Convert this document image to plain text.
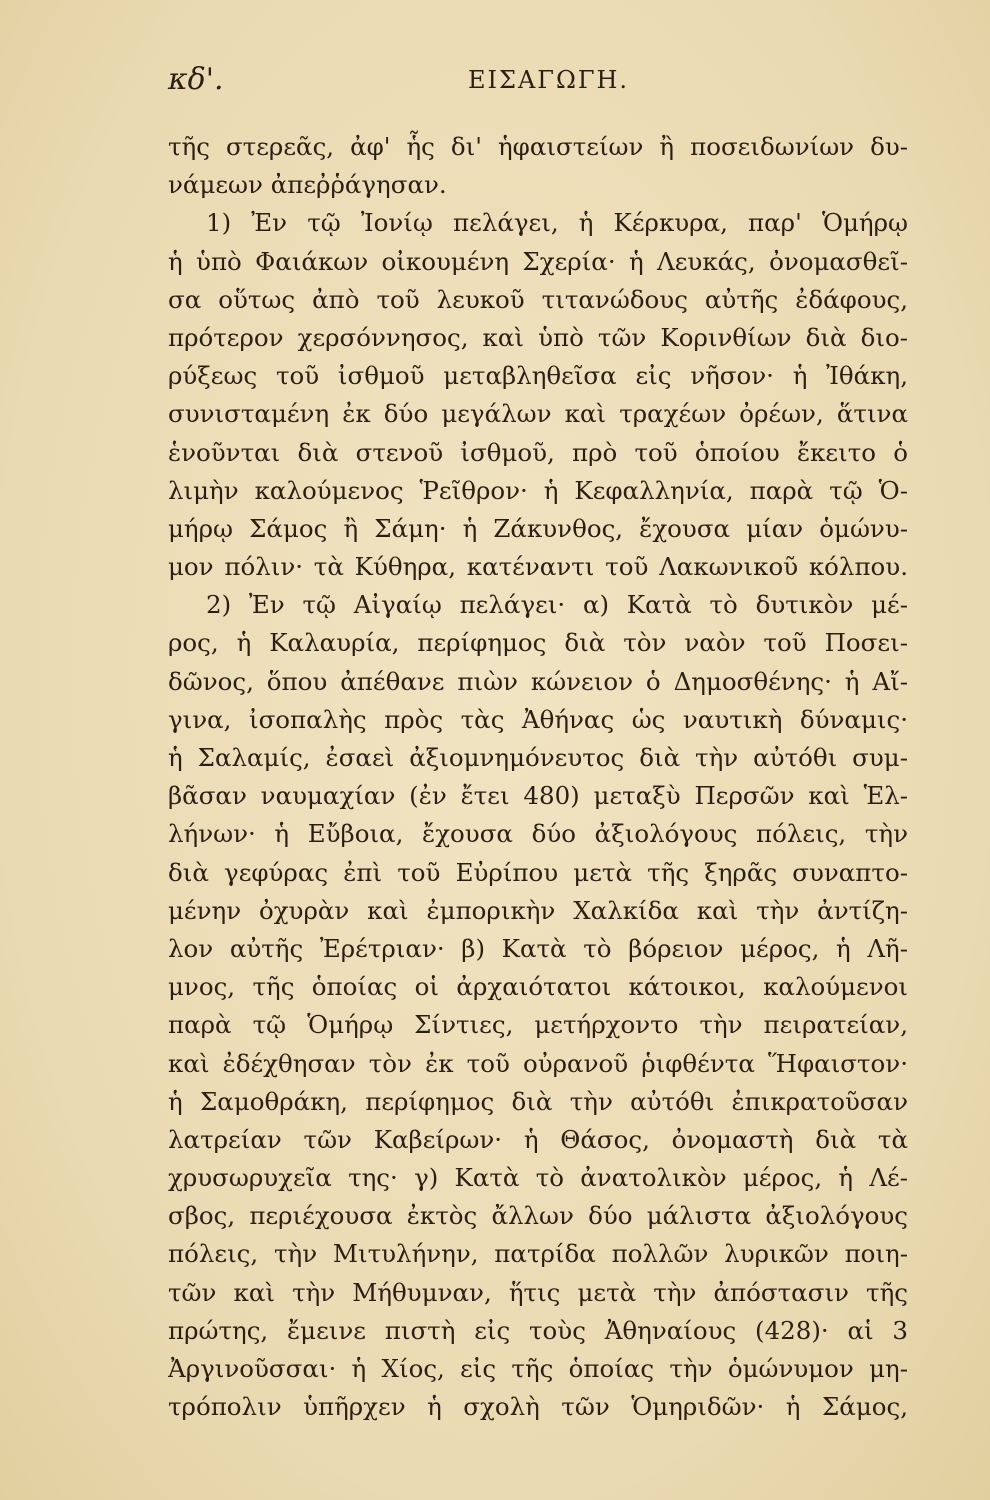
κδ'.	ΕΙΣΑΓΩΓΗ.
τῆς στερεᾶς, ἀφ' ἧς δι' ἡφαιστείων ἢ ποσειδωνίων δυ-
νάμεων ἀπεῤῥάγησαν.
1) Ἐν τῷ Ἰονίῳ πελάγει, ἡ Κέρκυρα, παρ' Ὁμήρῳ
ἡ ὑπὸ Φαιάκων οἰκουμένη Σχερία· ἡ Λευκάς, ὀνομασθεῖ-
σα οὕτως ἀπὸ τοῦ λευκοῦ τιτανώδους αὐτῆς ἐδάφους,
πρότερον χερσόννησος, καὶ ὑπὸ τῶν Κορινθίων διὰ διο-
ρύξεως τοῦ ἰσθμοῦ μεταβληθεῖσα εἰς νῆσον· ἡ Ἰθάκη,
συνισταμένη ἐκ δύο μεγάλων καὶ τραχέων ὀρέων, ἅτινα
ἑνοῦνται διὰ στενοῦ ἰσθμοῦ, πρὸ τοῦ ὁποίου ἔκειτο ὁ
λιμὴν καλούμενος Ῥεῖθρον· ἡ Κεφαλληνία, παρὰ τῷ Ὁ-
μήρῳ Σάμος ἢ Σάμη· ἡ Ζάκυνθος, ἔχουσα μίαν ὁμώνυ-
μον πόλιν· τὰ Κύθηρα, κατέναντι τοῦ Λακωνικοῦ κόλπου.
2) Ἐν τῷ Αἰγαίῳ πελάγει· α) Κατὰ τὸ δυτικὸν μέ-
ρος, ἡ Καλαυρία, περίφημος διὰ τὸν ναὸν τοῦ Ποσει-
δῶνος, ὅπου ἀπέθανε πιὼν κώνειον ὁ Δημοσθένης· ἡ Αἴ-
γινα, ἰσοπαλὴς πρὸς τὰς Ἀθήνας ὡς ναυτικὴ δύναμις·
ἡ Σαλαμίς, ἐσαεὶ ἀξιομνημόνευτος διὰ τὴν αὐτόθι συμ-
βᾶσαν ναυμαχίαν (ἐν ἔτει 480) μεταξὺ Περσῶν καὶ Ἑλ-
λήνων· ἡ Εὔβοια, ἔχουσα δύο ἀξιολόγους πόλεις, τὴν
διὰ γεφύρας ἐπὶ τοῦ Εὐρίπου μετὰ τῆς ξηρᾶς συναπτο-
μένην ὀχυρὰν καὶ ἐμπορικὴν Χαλκίδα καὶ τὴν ἀντίζη-
λον αὐτῆς Ἐρέτριαν· β) Κατὰ τὸ βόρειον μέρος, ἡ Λῆ-
μνος, τῆς ὁποίας οἱ ἀρχαιότατοι κάτοικοι, καλούμενοι
παρὰ τῷ Ὁμήρῳ Σίντιες, μετήρχοντο τὴν πειρατείαν,
καὶ ἐδέχθησαν τὸν ἐκ τοῦ οὐρανοῦ ῥιφθέντα Ἥφαιστον·
ἡ Σαμοθράκη, περίφημος διὰ τὴν αὐτόθι ἐπικρατοῦσαν
λατρείαν τῶν Καβείρων· ἡ Θάσος, ὀνομαστὴ διὰ τὰ
χρυσωρυχεῖα της· γ) Κατὰ τὸ ἀνατολικὸν μέρος, ἡ Λέ-
σβος, περιέχουσα ἐκτὸς ἄλλων δύο μάλιστα ἀξιολόγους
πόλεις, τὴν Μιτυλήνην, πατρίδα πολλῶν λυρικῶν ποιη-
τῶν καὶ τὴν Μήθυμναν, ἥτις μετὰ τὴν ἀπόστασιν τῆς
πρώτης, ἔμεινε πιστὴ εἰς τοὺς Ἀθηναίους (428)· αἱ 3
Ἀργινοῦσσαι· ἡ Χίος, εἰς τῆς ὁποίας τὴν ὁμώνυμον μη-
τρόπολιν ὑπῆρχεν ἡ σχολὴ τῶν Ὁμηριδῶν· ἡ Σάμος,
